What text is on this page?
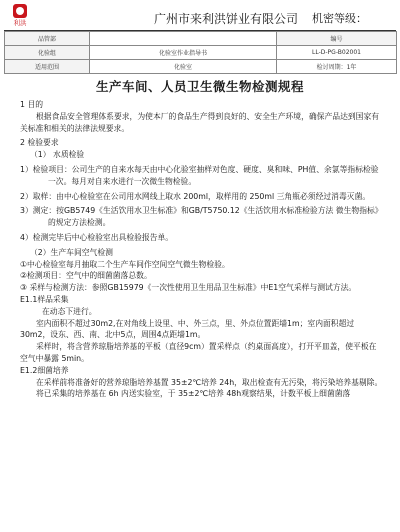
利洪	广州市来利洪饼业有限公司 机密等级：
品管部		编号
化验组	化验室作业指导书	LL-D-PG-B02001
适用范围	化验室	检讨周期：1年
生产车间、人员卫生微生物检测规程

1 目的

根据食品安全管理体系要求，为使本厂的食品生产得到良好的、安全生产环境，确保产品达到国家有关标准和相关的法律法规要求。

2 检验要求

（1） 水质检验

1）检验项目：公司生产的自来水每天由中心化验室抽样对色度、硬度、臭和味、PH值、余氯等指标检验一次。每月对自来水进行一次微生物检验。

2）取样：由中心检验室在公司用水网线上取水 200ml，取样用的 250ml 三角瓶必须经过消毒灭菌。

3）测定：按GB5749《生活饮用水卫生标准》和GB/T5750.12《生活饮用水标准检验方法 微生物指标》的规定方法检测。

4）检测完毕后中心检验室出具检验报告单。

（2）生产车间空气检测

①中心检验室每月抽取二个生产车间作空间空气微生物检验。

②检测项目：空气中的细菌菌落总数。

③ 采样与检测方法：参照GB15979《一次性使用卫生用品卫生标准》中E1空气采样与测试方法。

E1.1样品采集

在动态下进行。

室内面积不超过30m2,在对角线上设里、中、外三点，里、外点位置距墙1m；室内面积超过30m2，设东、西、南、北中5点，周围4点距墙1m。

采样时，将含营养琼脂培养基的平板（直径9cm）置采样点（约桌面高度），打开平皿盖，使平板在空气中暴露 5min。

E1.2细菌培养

在采样前将准备好的营养琼脂培养基置 35±2℃培养 24h，取出检查有无污染，将污染培养基剔除。

将已采集的培养基在 6h 内送实验室，于 35±2℃培养 48h观察结果，计数平板上细菌菌落
